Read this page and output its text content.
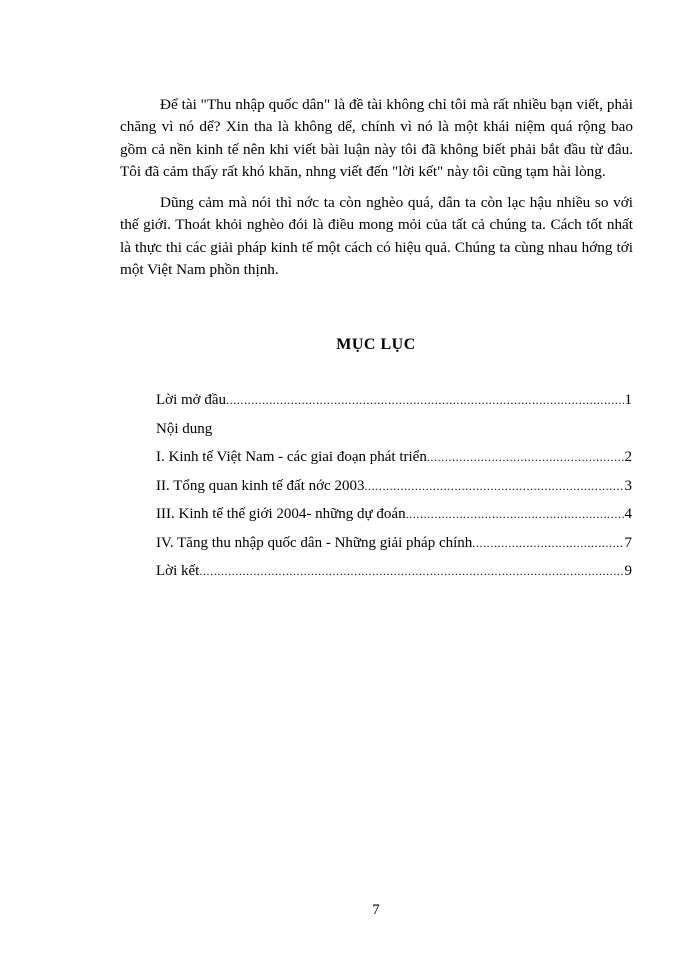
Để tài "Thu nhập quốc dân" là đề tài không chỉ tôi mà rất nhiều bạn viết, phải chăng vì nó dể? Xin tha là không dể, chính vì nó là một khái niệm quá rộng bao gồm cả nền kinh tế nên khi viết bài luận này tôi đã không biết phải bắt đầu từ đâu. Tôi đã cảm thấy rất khó khăn, nhng viết đến "lời kết" này tôi cũng tạm hài lòng.

Dũng cảm mà nói thì nớc ta còn nghèo quá, dân ta còn lạc hậu nhiều so với thế giới. Thoát khỏi nghèo đói là điều mong mỏi của tất cả chúng ta. Cách tốt nhất là thực thi các giải pháp kinh tế một cách có hiệu quả. Chúng ta cùng nhau hớng tới một Việt Nam phồn thịnh.

MỤC LỤC
Lời mở đầu .....	1
Nội dung
I. Kinh tế Việt Nam - các giai đoạn phát triển .....	2
II. Tổng quan kinh tế đất nớc 2003 .....	3
III. Kinh tế thế giới 2004- những dự đoán .....	4
IV. Tăng thu nhập quốc dân - Những giải pháp chính .....	7
Lời kết .....	9
7
